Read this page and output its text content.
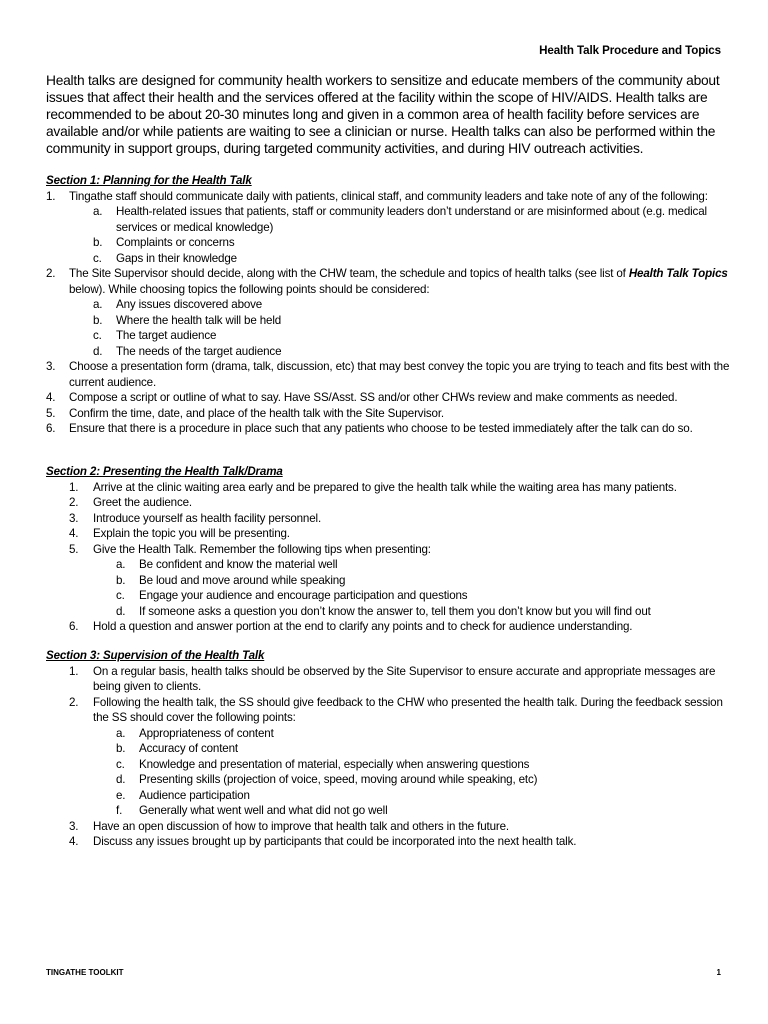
Health Talk Procedure and Topics

Health talks are designed for community health workers to sensitize and educate members of the community about issues that affect their health and the services offered at the facility within the scope of HIV/AIDS. Health talks are recommended to be about 20-30 minutes long and given in a common area of health facility before services are available and/or while patients are waiting to see a clinician or nurse. Health talks can also be performed within the community in support groups, during targeted community activities, and during HIV outreach activities.

Section 1: Planning for the Health Talk

1. Tingathe staff should communicate daily with patients, clinical staff, and community leaders and take note of any of the following:
a. Health-related issues that patients, staff or community leaders don’t understand or are misinformed about (e.g. medical services or medical knowledge)
b. Complaints or concerns
c. Gaps in their knowledge
2. The Site Supervisor should decide, along with the CHW team, the schedule and topics of health talks (see list of Health Talk Topics below). While choosing topics the following points should be considered:
a. Any issues discovered above
b. Where the health talk will be held
c. The target audience
d. The needs of the target audience
3. Choose a presentation form (drama, talk, discussion, etc) that may best convey the topic you are trying to teach and fits best with the current audience.
4. Compose a script or outline of what to say. Have SS/Asst. SS and/or other CHWs review and make comments as needed.
5. Confirm the time, date, and place of the health talk with the Site Supervisor.
6. Ensure that there is a procedure in place such that any patients who choose to be tested immediately after the talk can do so.

Section 2: Presenting the Health Talk/Drama

1. Arrive at the clinic waiting area early and be prepared to give the health talk while the waiting area has many patients.
2. Greet the audience.
3. Introduce yourself as health facility personnel.
4. Explain the topic you will be presenting.
5. Give the Health Talk. Remember the following tips when presenting:
a. Be confident and know the material well
b. Be loud and move around while speaking
c. Engage your audience and encourage participation and questions
d. If someone asks a question you don’t know the answer to, tell them you don’t know but you will find out
6. Hold a question and answer portion at the end to clarify any points and to check for audience understanding.

Section 3: Supervision of the Health Talk

1. On a regular basis, health talks should be observed by the Site Supervisor to ensure accurate and appropriate messages are being given to clients.
2. Following the health talk, the SS should give feedback to the CHW who presented the health talk. During the feedback session the SS should cover the following points:
a. Appropriateness of content
b. Accuracy of content
c. Knowledge and presentation of material, especially when answering questions
d. Presenting skills (projection of voice, speed, moving around while speaking, etc)
e. Audience participation
f. Generally what went well and what did not go well
3. Have an open discussion of how to improve that health talk and others in the future.
4. Discuss any issues brought up by participants that could be incorporated into the next health talk.
TINGATHE TOOLKIT	1
